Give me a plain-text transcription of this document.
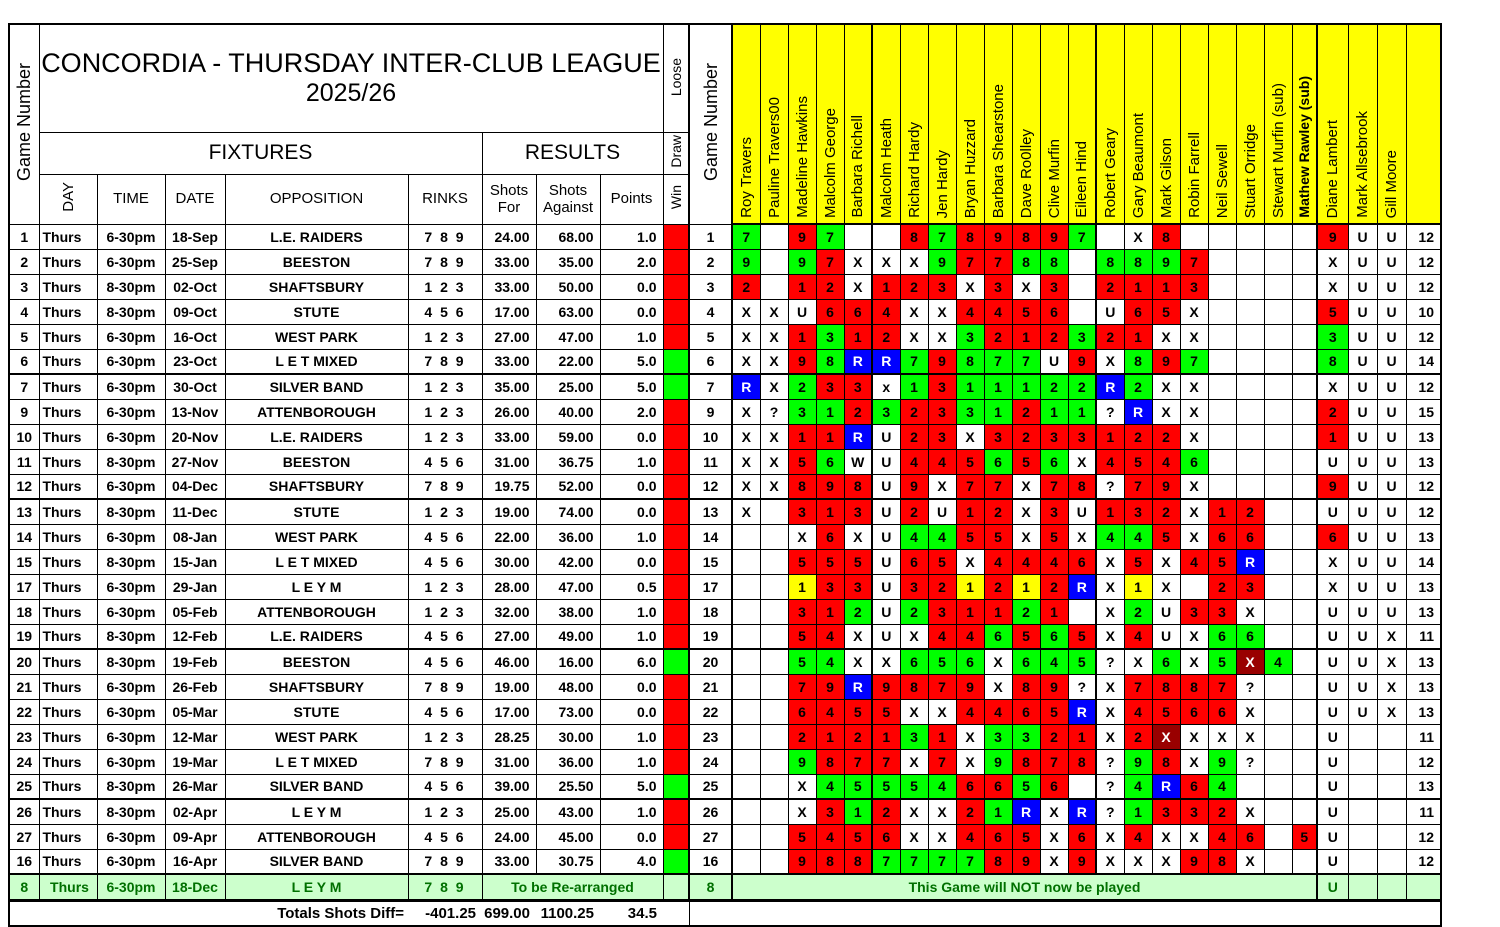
Game Number	CONCORDIA - THURSDAY INTER-CLUB LEAGUE
2025/26								Loose	Game Number	Roy Travers	Pauline Travers00	Madeline Hawkins	Malcolm George	Barbara Richell	Malcolm Heath	Richard Hardy	Jen Hardy	Bryan Huzzard	Barbara Shearstone	Dave Ro0lley	Clive Murfin	Eileen Hind	Robert Geary	Gary Beaumont	Mark Gilson	Robin Farrell	Neil Sewell	Stuart Orridge	Stewart Murfin (sub)	Mathew Rawley (sub)	Diane Lambert	Mark Allsebrook	Gill Moore	
	FIXTURES					RESULTS			Draw																										
	DAY	TIME	DATE	OPPOSITION	RINKS	Shots For	Shots Against	Points	Win																										
1	Thurs	6-30pm	18-Sep	L.E. RAIDERS	7 8 9	24.00	68.00	1.0		1	7		9	7			8	7	8	9	8	9	7		X	8						9	U	U	12
2	Thurs	6-30pm	25-Sep	BEESTON	7 8 9	33.00	35.00	2.0		2	9		9	7	X	X	X	9	7	7	8	8		8	8	9	7					X	U	U	12
3	Thurs	8-30pm	02-Oct	SHAFTSBURY	1 2 3	33.00	50.00	0.0		3	2		1	2	X	1	2	3	X	3	X	3		2	1	1	3					X	U	U	12
4	Thurs	8-30pm	09-Oct	STUTE	4 5 6	17.00	63.00	0.0		4	X	X	U	6	6	4	X	X	4	4	5	6		U	6	5	X					5	U	U	10
5	Thurs	6-30pm	16-Oct	WEST PARK	1 2 3	27.00	47.00	1.0		5	X	X	1	3	1	2	X	X	3	2	1	2	3	2	1	X	X					3	U	U	12
6	Thurs	6-30pm	23-Oct	L E T MIXED	7 8 9	33.00	22.00	5.0		6	X	X	9	8	R	R	7	9	8	7	7	U	9	X	8	9	7					8	U	U	14
7	Thurs	6-30pm	30-Oct	SILVER BAND	1 2 3	35.00	25.00	5.0		7	R	X	2	3	3	x	1	3	1	1	1	2	2	R	2	X	X					X	U	U	12
9	Thurs	6-30pm	13-Nov	ATTENBOROUGH	1 2 3	26.00	40.00	2.0		9	X	?	3	1	2	3	2	3	3	1	2	1	1	?	R	X	X					2	U	U	15
10	Thurs	6-30pm	20-Nov	L.E. RAIDERS	1 2 3	33.00	59.00	0.0		10	X	X	1	1	R	U	2	3	X	3	2	3	3	1	2	2	X					1	U	U	13
11	Thurs	8-30pm	27-Nov	BEESTON	4 5 6	31.00	36.75	1.0		11	X	X	5	6	W	U	4	4	5	6	5	6	X	4	5	4	6					U	U	U	13
12	Thurs	6-30pm	04-Dec	SHAFTSBURY	7 8 9	19.75	52.00	0.0		12	X	X	8	9	8	U	9	X	7	7	X	7	8	?	7	9	X					9	U	U	12
13	Thurs	8-30pm	11-Dec	STUTE	1 2 3	19.00	74.00	0.0		13	X		3	1	3	U	2	U	1	2	X	3	U	1	3	2	X	1	2			U	U	U	12
14	Thurs	6-30pm	08-Jan	WEST PARK	4 5 6	22.00	36.00	1.0		14			X	6	X	U	4	4	5	5	X	5	X	4	4	5	X	6	6			6	U	U	13
15	Thurs	8-30pm	15-Jan	L E T MIXED	4 5 6	30.00	42.00	0.0		15			5	5	5	U	6	5	X	4	4	4	6	X	5	X	4	5	R			X	U	U	14
17	Thurs	6-30pm	29-Jan	L E Y M	1 2 3	28.00	47.00	0.5		17			1	3	3	U	3	2	1	2	1	2	R	X	1	X		2	3			X	U	U	13
18	Thurs	6-30pm	05-Feb	ATTENBOROUGH	1 2 3	32.00	38.00	1.0		18			3	1	2	U	2	3	1	1	2	1		X	2	U	3	3	X			U	U	U	13
19	Thurs	8-30pm	12-Feb	L.E. RAIDERS	4 5 6	27.00	49.00	1.0		19			5	4	X	U	X	4	4	6	5	6	5	X	4	U	X	6	6			U	U	X	11
20	Thurs	8-30pm	19-Feb	BEESTON	4 5 6	46.00	16.00	6.0		20			5	4	X	X	6	5	6	X	6	4	5	?	X	6	X	5	X	4		U	U	X	13
21	Thurs	6-30pm	26-Feb	SHAFTSBURY	7 8 9	19.00	48.00	0.0		21			7	9	R	9	8	7	9	X	8	9	?	X	7	8	8	7	?			U	U	X	13
22	Thurs	6-30pm	05-Mar	STUTE	4 5 6	17.00	73.00	0.0		22			6	4	5	5	X	X	4	4	6	5	R	X	4	5	6	6	X			U	U	X	13
23	Thurs	6-30pm	12-Mar	WEST PARK	1 2 3	28.25	30.00	1.0		23			2	1	2	1	3	1	X	3	3	2	1	X	2	X	X	X	X			U			11
24	Thurs	6-30pm	19-Mar	L E T MIXED	7 8 9	31.00	36.00	1.0		24			9	8	7	7	X	7	X	9	8	7	8	?	9	8	X	9	?			U			12
25	Thurs	8-30pm	26-Mar	SILVER BAND	4 5 6	39.00	25.50	5.0		25			X	4	5	5	5	4	6	6	5	6		?	4	R	6	4				U			13
26	Thurs	8-30pm	02-Apr	L E Y M	1 2 3	25.00	43.00	1.0		26			X	3	1	2	X	X	2	1	R	X	R	?	1	3	3	2	X			U			11
27	Thurs	6-30pm	09-Apr	ATTENBOROUGH	4 5 6	24.00	45.00	0.0		27			5	4	5	6	X	X	4	6	5	X	6	X	4	X	X	4	6		5	U			12
16	Thurs	6-30pm	16-Apr	SILVER BAND	7 8 9	33.00	30.75	4.0		16			9	8	8	7	7	7	7	8	9	X	9	X	X	X	9	8	X			U			12
8	Thurs	6-30pm	18-Dec	L E Y M	7 8 9	To be Re-arranged				8	This Game will NOT now be played																					U			
				Totals Shots Diff=	-401.25	699.00	1100.25	34.5																											
